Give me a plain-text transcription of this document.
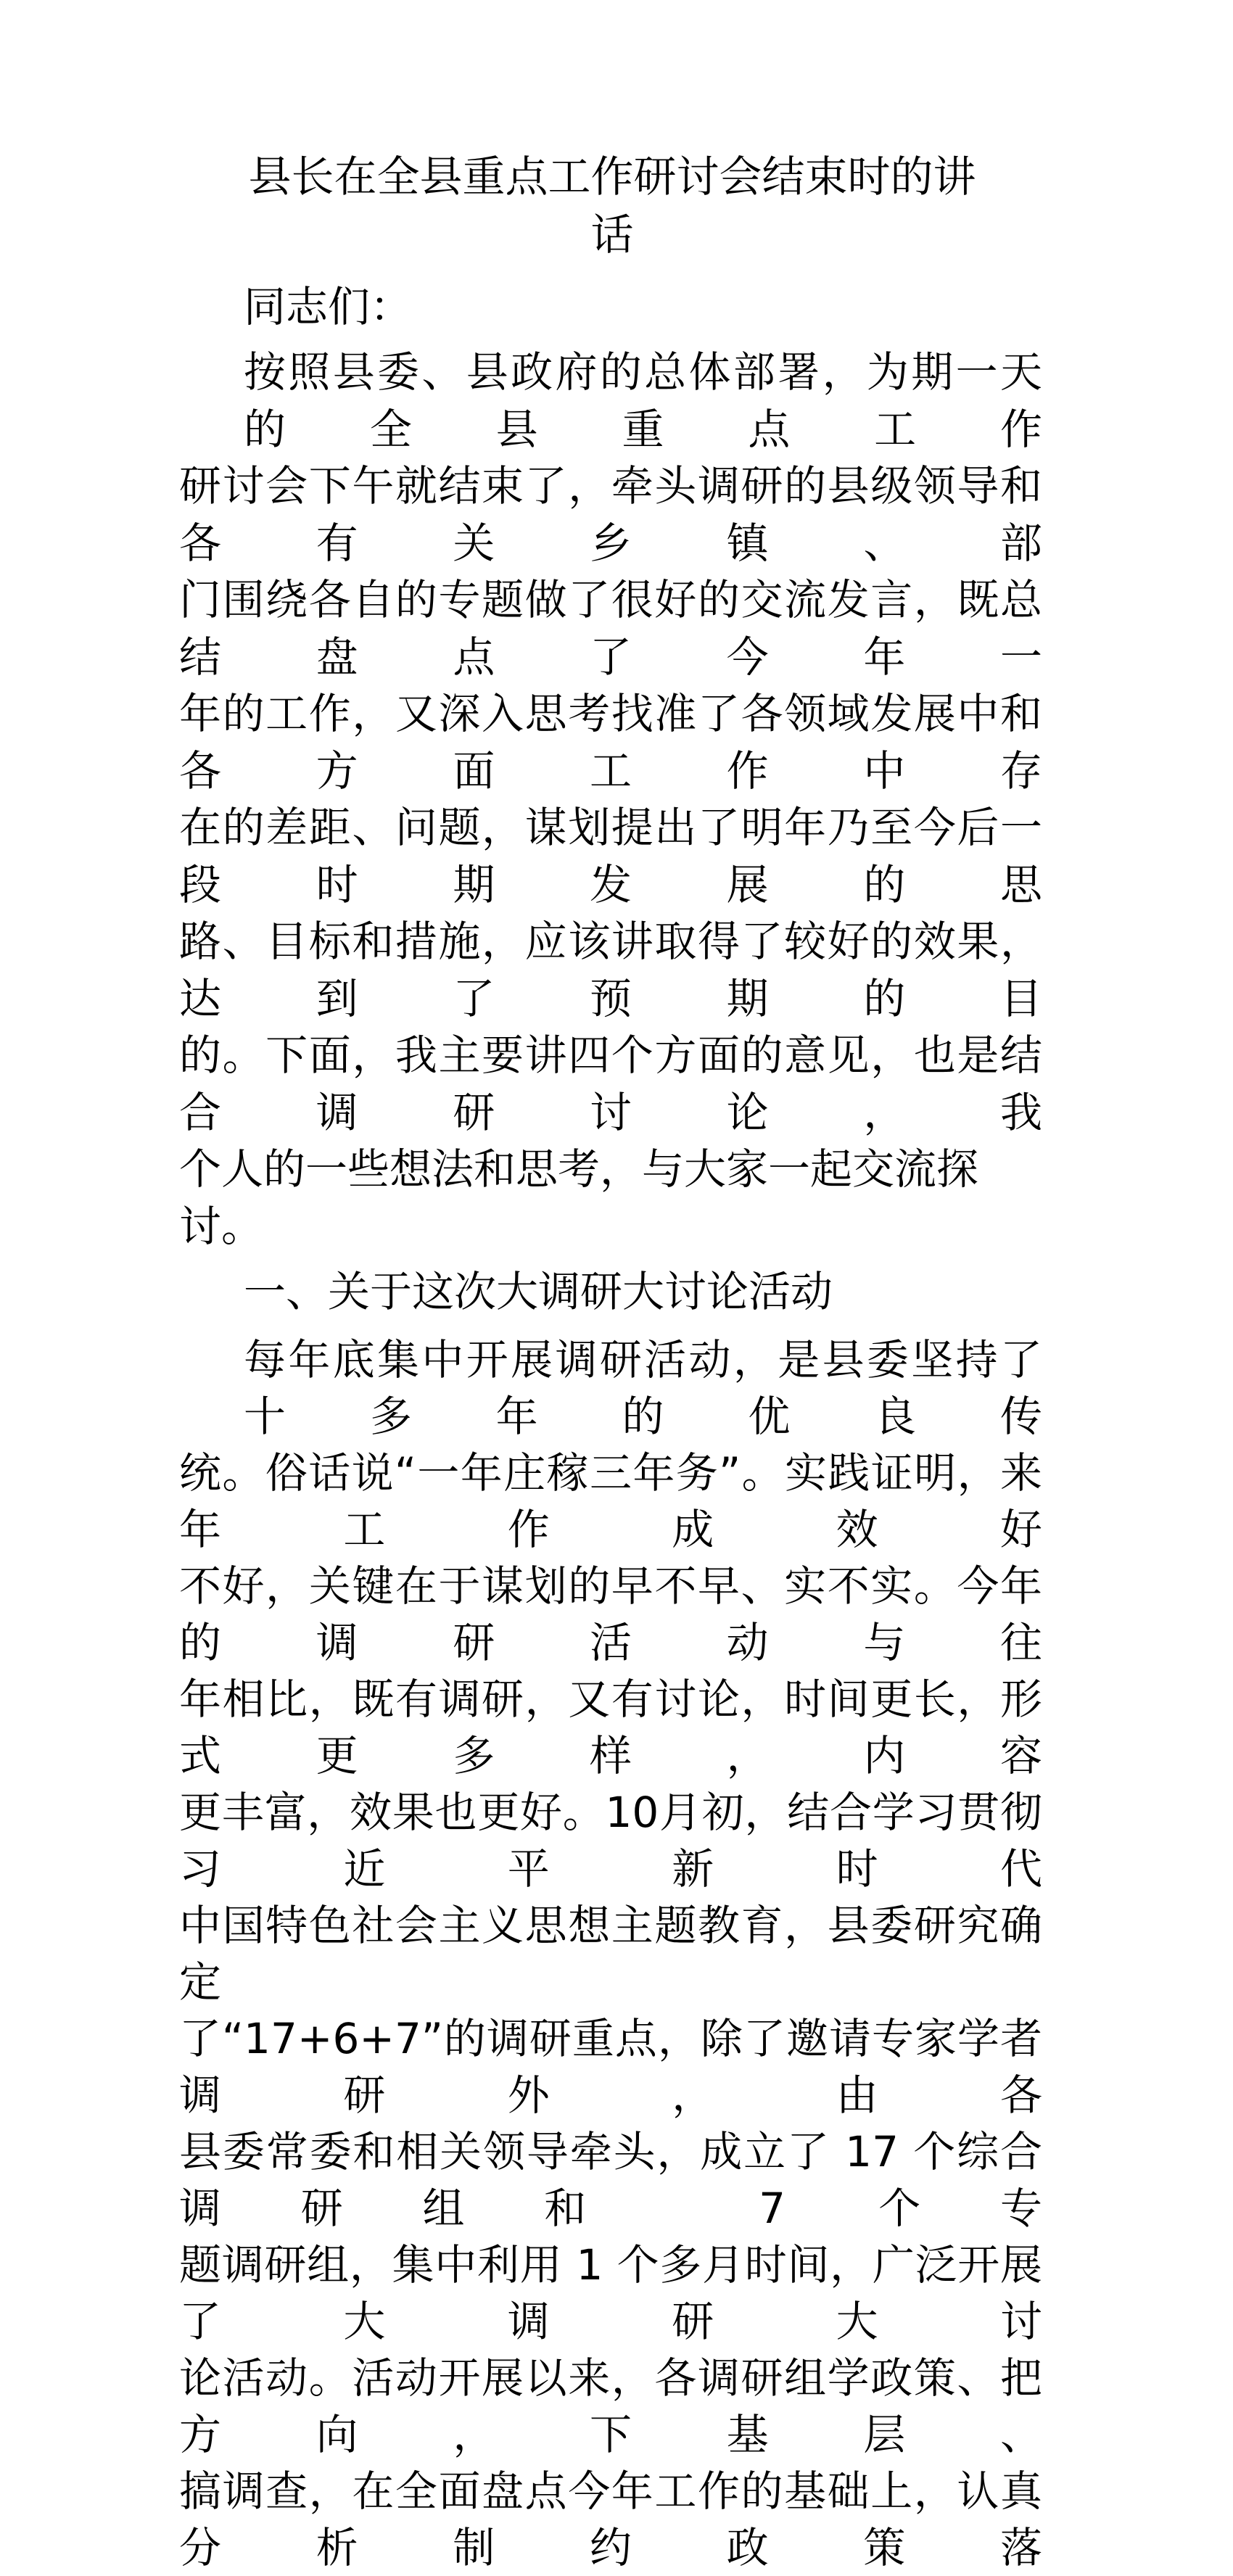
县长在全县重点工作研讨会结束时的讲话
同志们：
按照县委、县政府的总体部署，为期一天的全县重点工作
研讨会下午就结束了，牵头调研的县级领导和各有关乡镇、部
门围绕各自的专题做了很好的交流发言，既总结盘点了今年一
年的工作，又深入思考找准了各领域发展中和各方面工作中存
在的差距、问题，谋划提出了明年乃至今后一段时期发展的思
路、目标和措施，应该讲取得了较好的效果，达到了预期的目
的。下面，我主要讲四个方面的意见，也是结合调研讨论，我
个人的一些想法和思考，与大家一起交流探讨。
一、关于这次大调研大讨论活动
每年底集中开展调研活动，是县委坚持了十多年的优良传
统。俗话说“一年庄稼三年务”。实践证明，来年工作成效好
不好，关键在于谋划的早不早、实不实。今年的调研活动与往
年相比，既有调研，又有讨论，时间更长，形式更多样，内容
更丰富，效果也更好。10月初，结合学习贯彻习近平新时代
中国特色社会主义思想主题教育，县委研究确定
了“17+6+7”的调研重点，除了邀请专家学者调研外，由各
县委常委和相关领导牵头，成立了 17 个综合调研组和 7 个专
题调研组，集中利用 1 个多月时间，广泛开展了大调研大讨
论活动。活动开展以来，各调研组学政策、把方向，下基层、
搞调查，在全面盘点今年工作的基础上，认真分析制约政策落
